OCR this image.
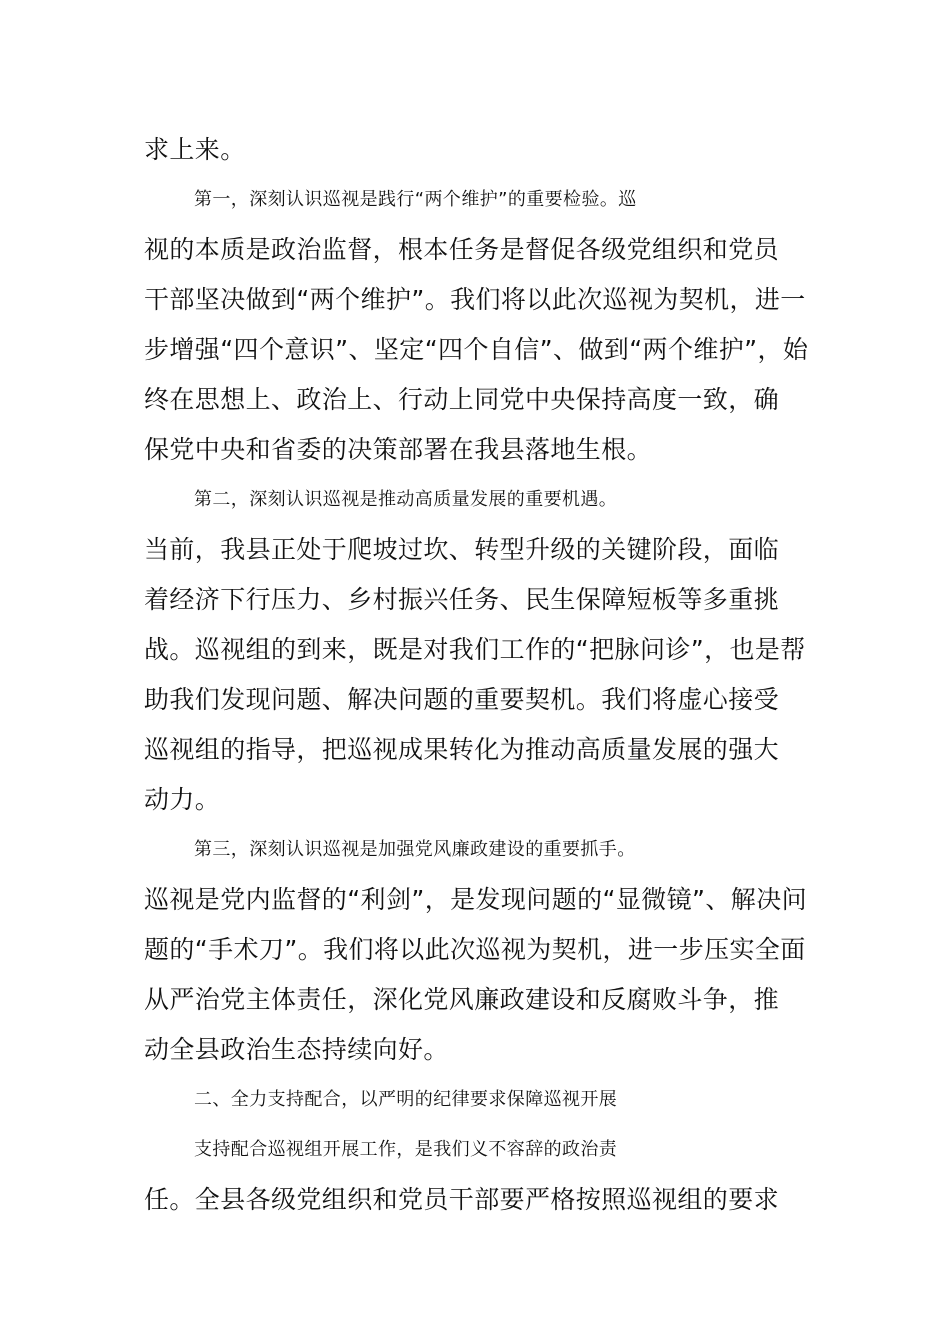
求上来。
第一，深刻认识巡视是践行“两个维护”的重要检验。巡
视的本质是政治监督，根本任务是督促各级党组织和党员
干部坚决做到“两个维护”。我们将以此次巡视为契机，进一
步增强“四个意识”、坚定“四个自信”、做到“两个维护”，始
终在思想上、政治上、行动上同党中央保持高度一致，确
保党中央和省委的决策部署在我县落地生根。
第二，深刻认识巡视是推动高质量发展的重要机遇。
当前，我县正处于爬坡过坎、转型升级的关键阶段，面临
着经济下行压力、乡村振兴任务、民生保障短板等多重挑
战。巡视组的到来，既是对我们工作的“把脉问诊”，也是帮
助我们发现问题、解决问题的重要契机。我们将虚心接受
巡视组的指导，把巡视成果转化为推动高质量发展的强大
动力。
第三，深刻认识巡视是加强党风廉政建设的重要抓手。
巡视是党内监督的“利剑”，是发现问题的“显微镜”、解决问
题的“手术刀”。我们将以此次巡视为契机，进一步压实全面
从严治党主体责任，深化党风廉政建设和反腐败斗争，推
动全县政治生态持续向好。
二、全力支持配合，以严明的纪律要求保障巡视开展
支持配合巡视组开展工作，是我们义不容辞的政治责
任。全县各级党组织和党员干部要严格按照巡视组的要求
